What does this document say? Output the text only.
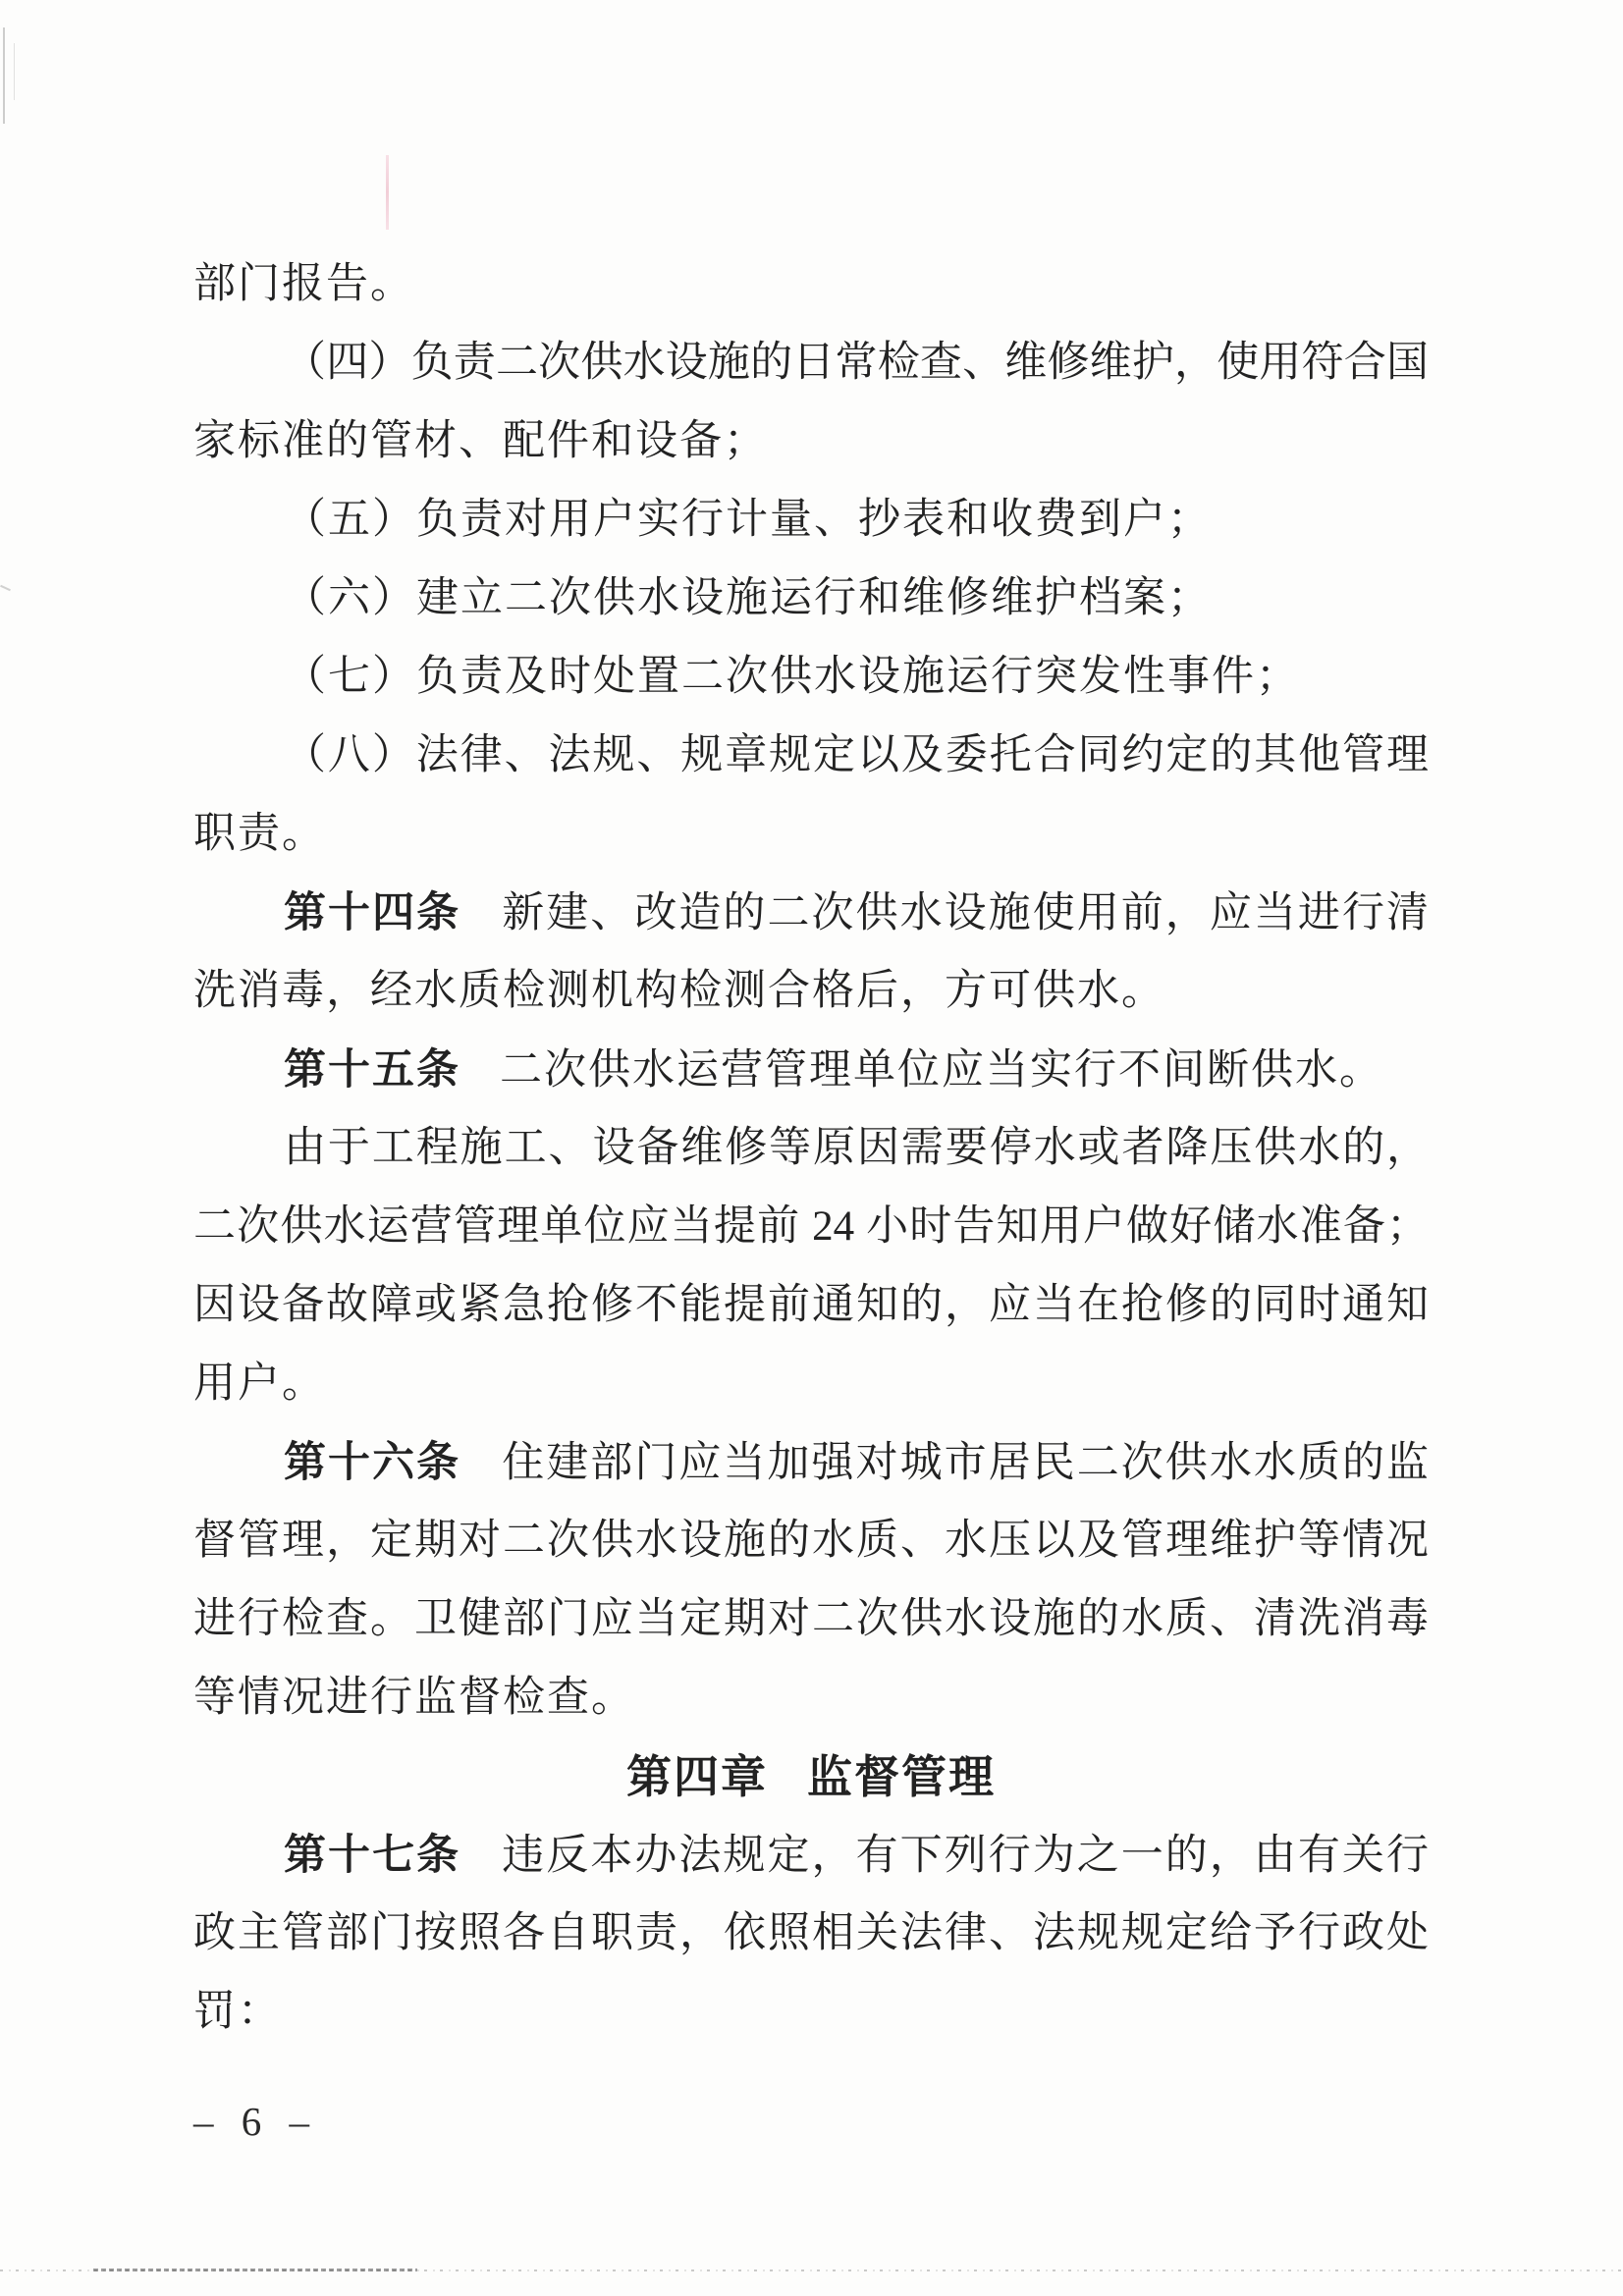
部门报告。
（四）负责二次供水设施的日常检查、维修维护，使用符合国
家标准的管材、配件和设备；
（五）负责对用户实行计量、抄表和收费到户；
（六）建立二次供水设施运行和维修维护档案；
（七）负责及时处置二次供水设施运行突发性事件；
（八）法律、法规、规章规定以及委托合同约定的其他管理
职责。
第十四条 新建、改造的二次供水设施使用前，应当进行清
洗消毒，经水质检测机构检测合格后，方可供水。
第十五条 二次供水运营管理单位应当实行不间断供水。
由于工程施工、设备维修等原因需要停水或者降压供水的，
二次供水运营管理单位应当提前 24 小时告知用户做好储水准备；
因设备故障或紧急抢修不能提前通知的，应当在抢修的同时通知
用户。
第十六条 住建部门应当加强对城市居民二次供水水质的监
督管理，定期对二次供水设施的水质、水压以及管理维护等情况
进行检查。卫健部门应当定期对二次供水设施的水质、清洗消毒
等情况进行监督检查。
第四章 监督管理
第十七条 违反本办法规定，有下列行为之一的，由有关行
政主管部门按照各自职责，依照相关法律、法规规定给予行政处
罚：
– 6 –
